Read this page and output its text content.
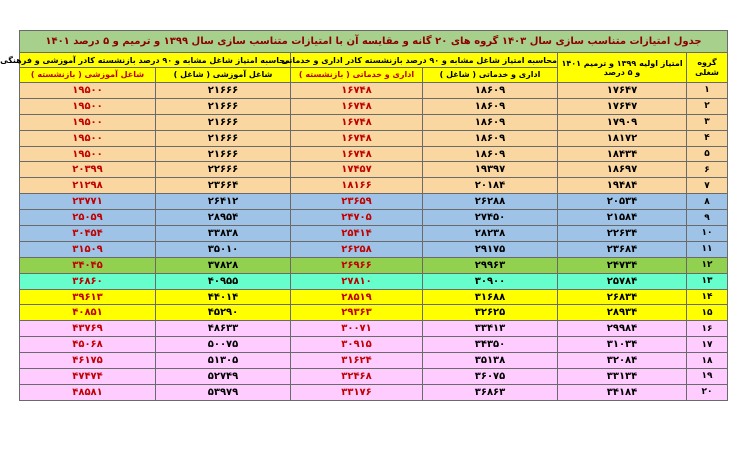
جدول امتیازات متناسب سازی سال ۱۴۰۳ گروه های ۲۰ گانه و مقایسه آن با امتیازات متناسب سازی سال ۱۳۹۹ و ترمیم و ۵ درصد ۱۴۰۱					
گروه شغلی	امتیاز اولیه ۱۳۹۹ و ترمیم ۱۴۰۱ و ۵ درصد	محاسبه امتیاز شاغل مشابه و ۹۰ درصد بازنشسته کادر اداری و خدماتی		محاسبه امتیاز شاغل مشابه و ۹۰ درصد بازنشسته کادر آموزشی و فرهنگی	
		اداری و خدماتی ( شاغل )	اداری و خدماتی ( بازنشسته )	شاغل آموزشی ( شاغل )	شاغل آموزشی ( بازنشسته )
۱	۱۷۶۴۷	۱۸۶۰۹	۱۶۷۴۸	۲۱۶۶۶	۱۹۵۰۰
۲	۱۷۶۴۷	۱۸۶۰۹	۱۶۷۴۸	۲۱۶۶۶	۱۹۵۰۰
۳	۱۷۹۰۹	۱۸۶۰۹	۱۶۷۴۸	۲۱۶۶۶	۱۹۵۰۰
۴	۱۸۱۷۲	۱۸۶۰۹	۱۶۷۴۸	۲۱۶۶۶	۱۹۵۰۰
۵	۱۸۴۳۴	۱۸۶۰۹	۱۶۷۴۸	۲۱۶۶۶	۱۹۵۰۰
۶	۱۸۶۹۷	۱۹۳۹۷	۱۷۴۵۷	۲۲۶۶۶	۲۰۳۹۹
۷	۱۹۴۸۴	۲۰۱۸۴	۱۸۱۶۶	۲۳۶۶۴	۲۱۲۹۸
۸	۲۰۵۳۴	۲۶۲۸۸	۲۳۶۵۹	۲۶۴۱۲	۲۳۷۷۱
۹	۲۱۵۸۴	۲۷۴۵۰	۲۴۷۰۵	۲۸۹۵۴	۲۵۰۵۹
۱۰	۲۲۶۳۴	۲۸۲۳۸	۲۵۴۱۴	۳۳۸۳۸	۳۰۴۵۴
۱۱	۲۳۶۸۴	۲۹۱۷۵	۲۶۲۵۸	۳۵۰۱۰	۳۱۵۰۹
۱۲	۲۴۷۳۴	۲۹۹۶۳	۲۶۹۶۶	۳۷۸۲۸	۳۴۰۴۵
۱۳	۲۵۷۸۴	۳۰۹۰۰	۲۷۸۱۰	۴۰۹۵۵	۳۶۸۶۰
۱۴	۲۶۸۳۴	۳۱۶۸۸	۲۸۵۱۹	۴۴۰۱۴	۳۹۶۱۳
۱۵	۲۸۹۳۴	۳۲۶۲۵	۲۹۳۶۳	۴۵۲۹۰	۴۰۸۵۱
۱۶	۲۹۹۸۴	۳۳۴۱۳	۳۰۰۷۱	۴۸۶۳۳	۴۳۷۶۹
۱۷	۳۱۰۳۴	۳۴۳۵۰	۳۰۹۱۵	۵۰۰۷۵	۴۵۰۶۸
۱۸	۳۲۰۸۴	۳۵۱۳۸	۳۱۶۲۴	۵۱۳۰۵	۴۶۱۷۵
۱۹	۳۳۱۳۴	۳۶۰۷۵	۳۲۴۶۸	۵۲۷۴۹	۴۷۴۷۴
۲۰	۳۴۱۸۴	۳۶۸۶۳	۳۳۱۷۶	۵۳۹۷۹	۴۸۵۸۱
